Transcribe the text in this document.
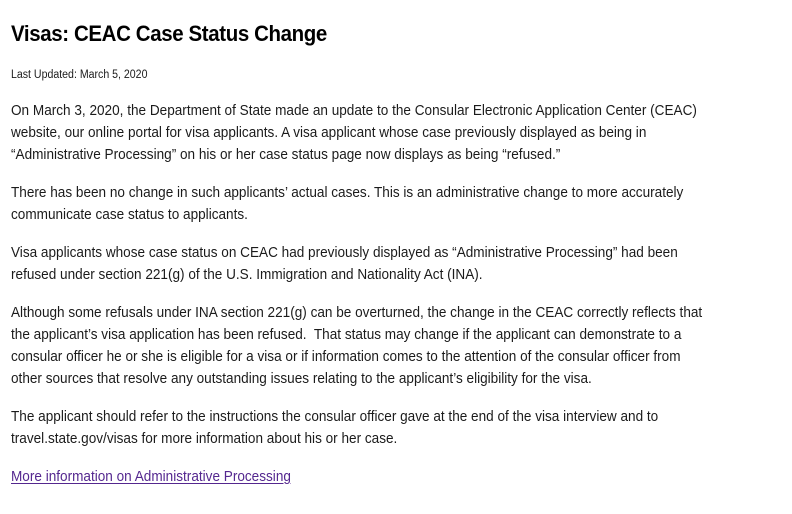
Visas: CEAC Case Status Change
Last Updated: March 5, 2020

On March 3, 2020, the Department of State made an update to the Consular Electronic Application Center (CEAC)
website, our online portal for visa applicants. A visa applicant whose case previously displayed as being in
“Administrative Processing” on his or her case status page now displays as being “refused.”

There has been no change in such applicants’ actual cases. This is an administrative change to more accurately
communicate case status to applicants.

Visa applicants whose case status on CEAC had previously displayed as “Administrative Processing” had been
refused under section 221(g) of the U.S. Immigration and Nationality Act (INA).

Although some refusals under INA section 221(g) can be overturned, the change in the CEAC correctly reflects that
the applicant’s visa application has been refused.  That status may change if the applicant can demonstrate to a
consular officer he or she is eligible for a visa or if information comes to the attention of the consular officer from
other sources that resolve any outstanding issues relating to the applicant’s eligibility for the visa.

The applicant should refer to the instructions the consular officer gave at the end of the visa interview and to
travel.state.gov/visas for more information about his or her case.

More information on Administrative Processing
